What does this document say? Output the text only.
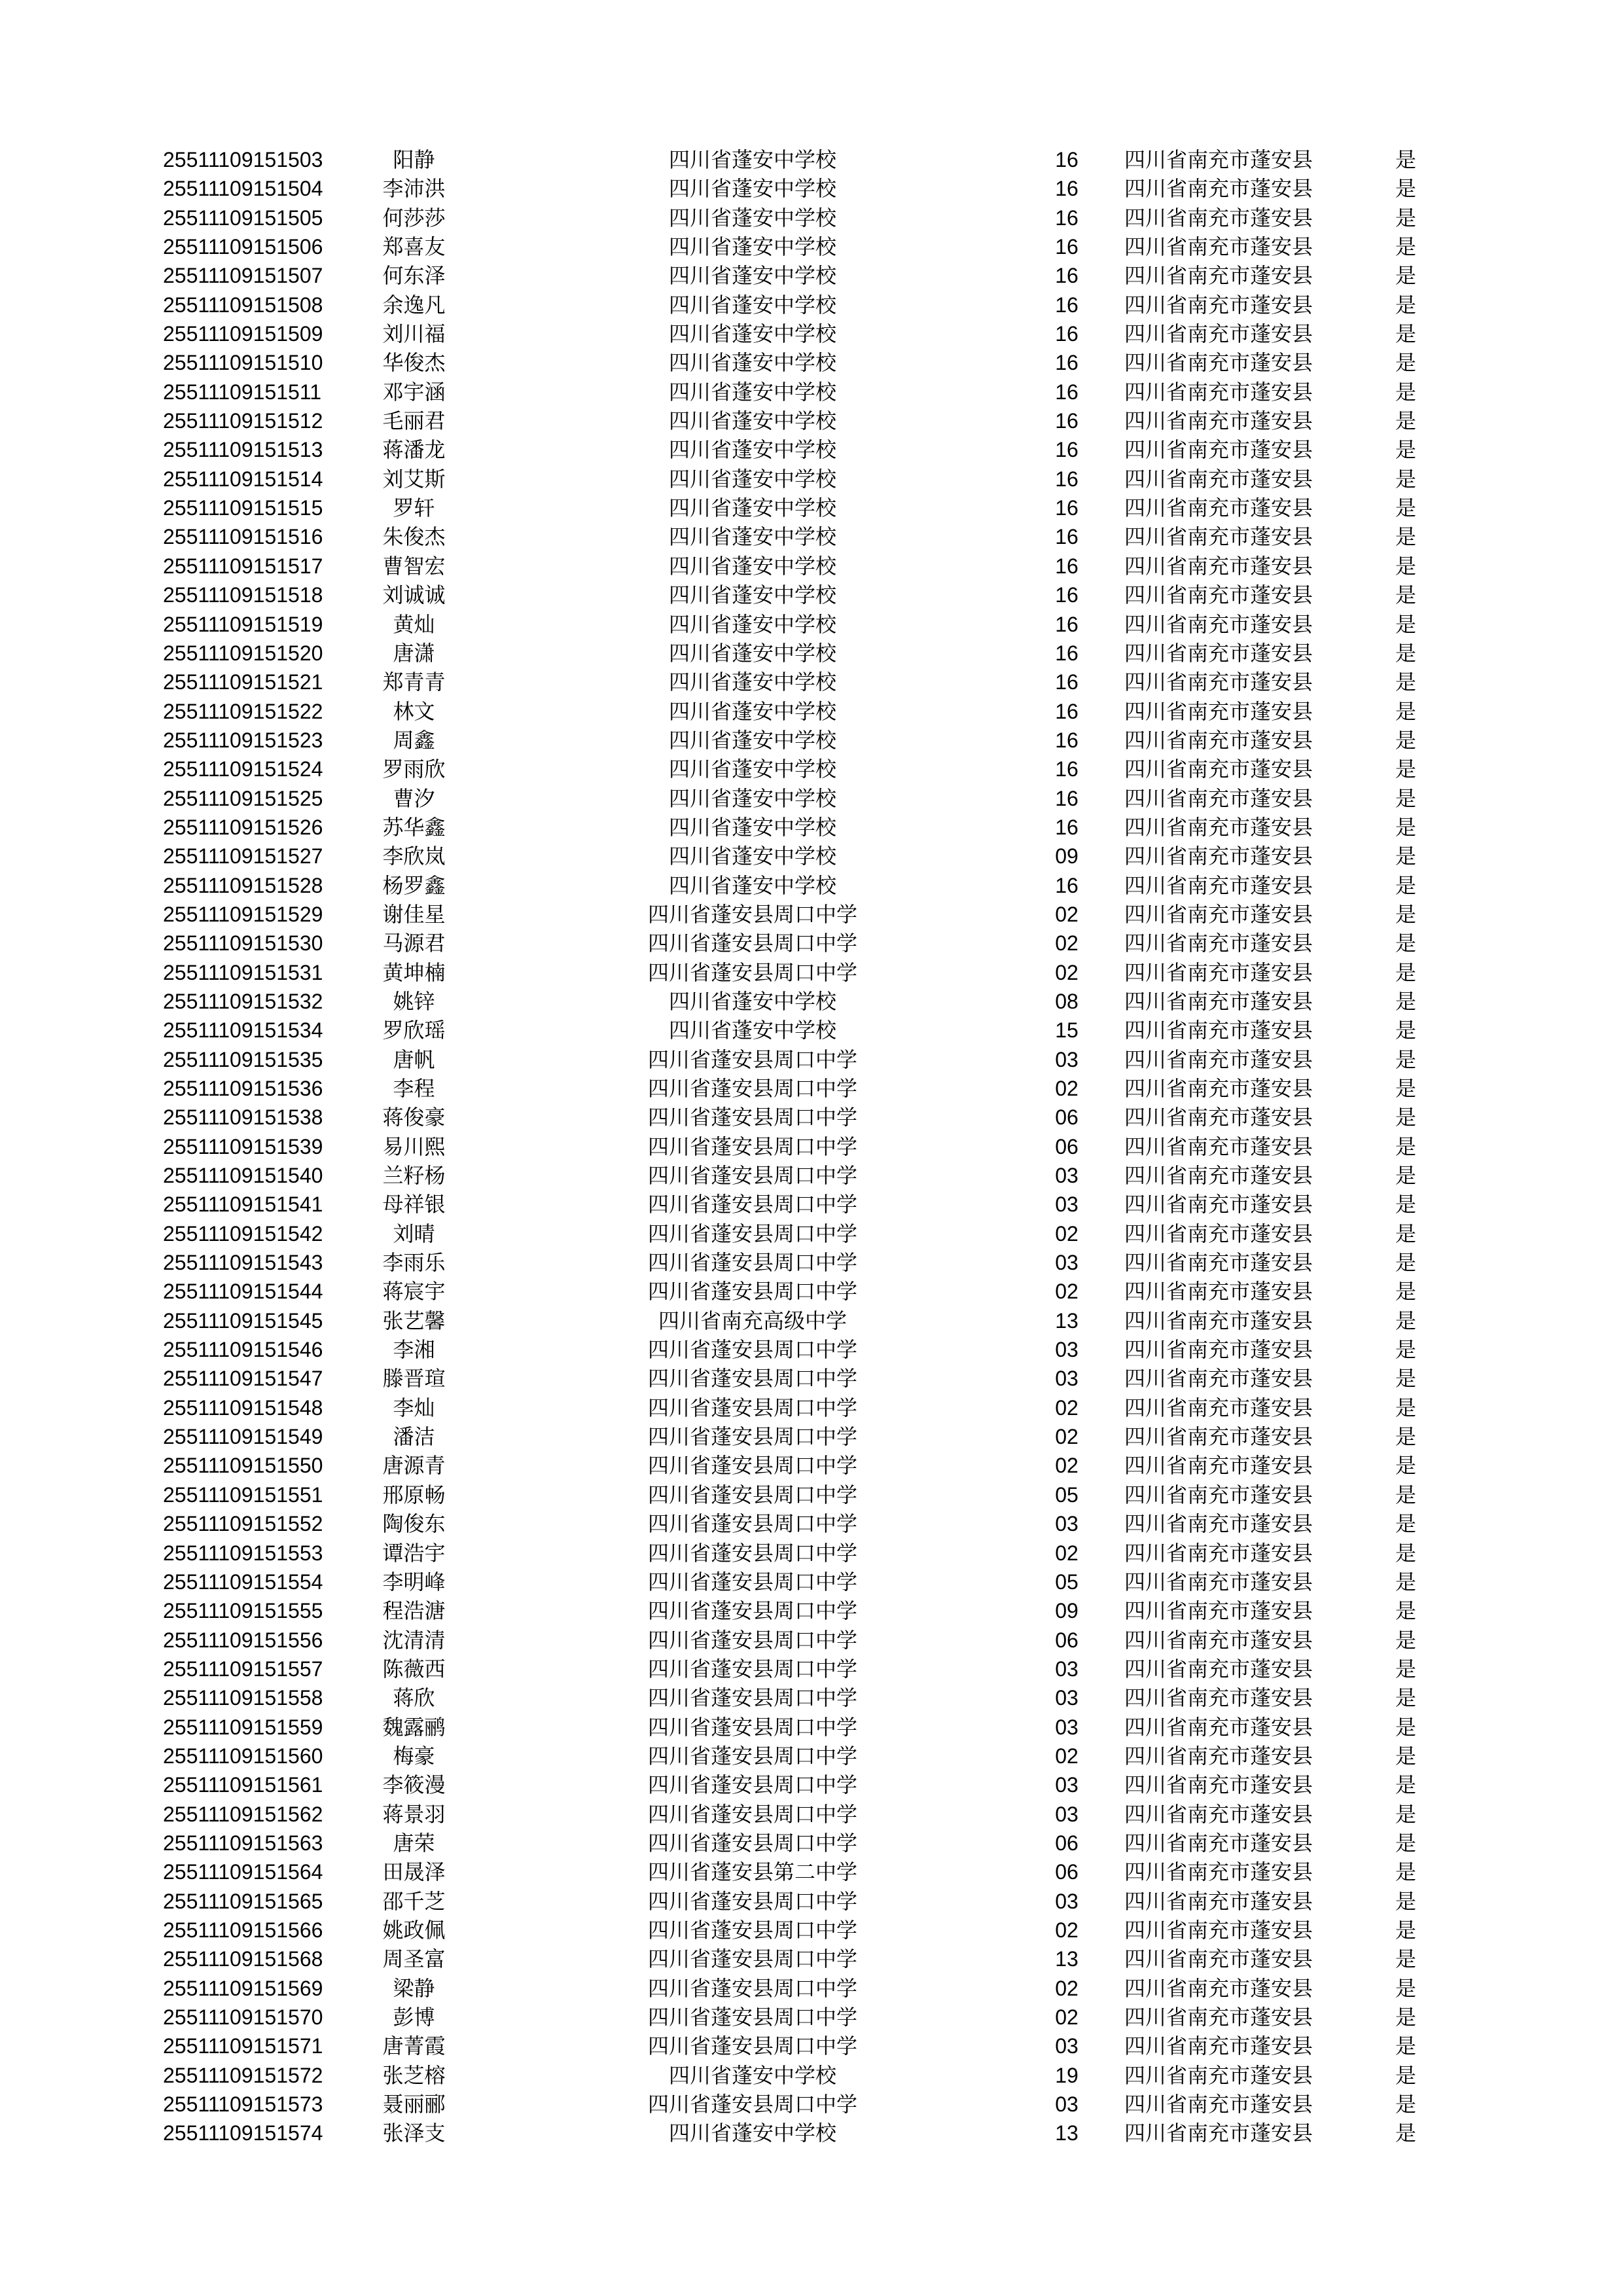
25511109151503	阳静	四川省蓬安中学校	16	四川省南充市蓬安县	是
25511109151504	李沛洪	四川省蓬安中学校	16	四川省南充市蓬安县	是
25511109151505	何莎莎	四川省蓬安中学校	16	四川省南充市蓬安县	是
25511109151506	郑喜友	四川省蓬安中学校	16	四川省南充市蓬安县	是
25511109151507	何东泽	四川省蓬安中学校	16	四川省南充市蓬安县	是
25511109151508	余逸凡	四川省蓬安中学校	16	四川省南充市蓬安县	是
25511109151509	刘川福	四川省蓬安中学校	16	四川省南充市蓬安县	是
25511109151510	华俊杰	四川省蓬安中学校	16	四川省南充市蓬安县	是
25511109151511	邓宇涵	四川省蓬安中学校	16	四川省南充市蓬安县	是
25511109151512	毛丽君	四川省蓬安中学校	16	四川省南充市蓬安县	是
25511109151513	蒋潘龙	四川省蓬安中学校	16	四川省南充市蓬安县	是
25511109151514	刘艾斯	四川省蓬安中学校	16	四川省南充市蓬安县	是
25511109151515	罗轩	四川省蓬安中学校	16	四川省南充市蓬安县	是
25511109151516	朱俊杰	四川省蓬安中学校	16	四川省南充市蓬安县	是
25511109151517	曹智宏	四川省蓬安中学校	16	四川省南充市蓬安县	是
25511109151518	刘诚诚	四川省蓬安中学校	16	四川省南充市蓬安县	是
25511109151519	黄灿	四川省蓬安中学校	16	四川省南充市蓬安县	是
25511109151520	唐潇	四川省蓬安中学校	16	四川省南充市蓬安县	是
25511109151521	郑青青	四川省蓬安中学校	16	四川省南充市蓬安县	是
25511109151522	林文	四川省蓬安中学校	16	四川省南充市蓬安县	是
25511109151523	周鑫	四川省蓬安中学校	16	四川省南充市蓬安县	是
25511109151524	罗雨欣	四川省蓬安中学校	16	四川省南充市蓬安县	是
25511109151525	曹汐	四川省蓬安中学校	16	四川省南充市蓬安县	是
25511109151526	苏华鑫	四川省蓬安中学校	16	四川省南充市蓬安县	是
25511109151527	李欣岚	四川省蓬安中学校	09	四川省南充市蓬安县	是
25511109151528	杨罗鑫	四川省蓬安中学校	16	四川省南充市蓬安县	是
25511109151529	谢佳星	四川省蓬安县周口中学	02	四川省南充市蓬安县	是
25511109151530	马源君	四川省蓬安县周口中学	02	四川省南充市蓬安县	是
25511109151531	黄坤楠	四川省蓬安县周口中学	02	四川省南充市蓬安县	是
25511109151532	姚锌	四川省蓬安中学校	08	四川省南充市蓬安县	是
25511109151534	罗欣瑶	四川省蓬安中学校	15	四川省南充市蓬安县	是
25511109151535	唐帆	四川省蓬安县周口中学	03	四川省南充市蓬安县	是
25511109151536	李程	四川省蓬安县周口中学	02	四川省南充市蓬安县	是
25511109151538	蒋俊豪	四川省蓬安县周口中学	06	四川省南充市蓬安县	是
25511109151539	易川熙	四川省蓬安县周口中学	06	四川省南充市蓬安县	是
25511109151540	兰籽杨	四川省蓬安县周口中学	03	四川省南充市蓬安县	是
25511109151541	母祥银	四川省蓬安县周口中学	03	四川省南充市蓬安县	是
25511109151542	刘晴	四川省蓬安县周口中学	02	四川省南充市蓬安县	是
25511109151543	李雨乐	四川省蓬安县周口中学	03	四川省南充市蓬安县	是
25511109151544	蒋宸宇	四川省蓬安县周口中学	02	四川省南充市蓬安县	是
25511109151545	张艺馨	四川省南充高级中学	13	四川省南充市蓬安县	是
25511109151546	李湘	四川省蓬安县周口中学	03	四川省南充市蓬安县	是
25511109151547	滕晋瑄	四川省蓬安县周口中学	03	四川省南充市蓬安县	是
25511109151548	李灿	四川省蓬安县周口中学	02	四川省南充市蓬安县	是
25511109151549	潘洁	四川省蓬安县周口中学	02	四川省南充市蓬安县	是
25511109151550	唐源青	四川省蓬安县周口中学	02	四川省南充市蓬安县	是
25511109151551	邢原畅	四川省蓬安县周口中学	05	四川省南充市蓬安县	是
25511109151552	陶俊东	四川省蓬安县周口中学	03	四川省南充市蓬安县	是
25511109151553	谭浩宇	四川省蓬安县周口中学	02	四川省南充市蓬安县	是
25511109151554	李明峰	四川省蓬安县周口中学	05	四川省南充市蓬安县	是
25511109151555	程浩溏	四川省蓬安县周口中学	09	四川省南充市蓬安县	是
25511109151556	沈清清	四川省蓬安县周口中学	06	四川省南充市蓬安县	是
25511109151557	陈薇西	四川省蓬安县周口中学	03	四川省南充市蓬安县	是
25511109151558	蒋欣	四川省蓬安县周口中学	03	四川省南充市蓬安县	是
25511109151559	魏露鹂	四川省蓬安县周口中学	03	四川省南充市蓬安县	是
25511109151560	梅豪	四川省蓬安县周口中学	02	四川省南充市蓬安县	是
25511109151561	李筱漫	四川省蓬安县周口中学	03	四川省南充市蓬安县	是
25511109151562	蒋景羽	四川省蓬安县周口中学	03	四川省南充市蓬安县	是
25511109151563	唐荣	四川省蓬安县周口中学	06	四川省南充市蓬安县	是
25511109151564	田晟泽	四川省蓬安县第二中学	06	四川省南充市蓬安县	是
25511109151565	邵千芝	四川省蓬安县周口中学	03	四川省南充市蓬安县	是
25511109151566	姚政佩	四川省蓬安县周口中学	02	四川省南充市蓬安县	是
25511109151568	周圣富	四川省蓬安县周口中学	13	四川省南充市蓬安县	是
25511109151569	梁静	四川省蓬安县周口中学	02	四川省南充市蓬安县	是
25511109151570	彭博	四川省蓬安县周口中学	02	四川省南充市蓬安县	是
25511109151571	唐菁霞	四川省蓬安县周口中学	03	四川省南充市蓬安县	是
25511109151572	张芝榕	四川省蓬安中学校	19	四川省南充市蓬安县	是
25511109151573	聂丽郦	四川省蓬安县周口中学	03	四川省南充市蓬安县	是
25511109151574	张泽支	四川省蓬安中学校	13	四川省南充市蓬安县	是
